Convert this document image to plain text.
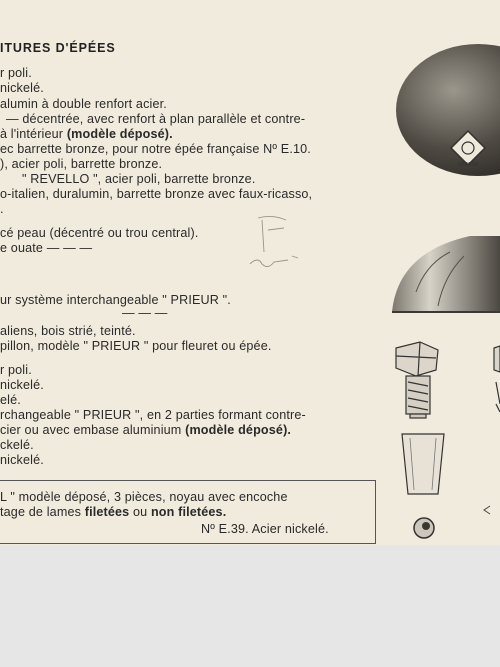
ITURES D'ÉPÉES
r poli.
nickelé.
alumin à double renfort acier.
— décentrée, avec renfort à plan parallèle et contre-
à l'intérieur (modèle déposé).
ec barrette bronze, pour notre épée française Nº E.10.
), acier poli, barrette bronze.
" REVELLO ", acier poli, barrette bronze.
o-italien, duralumin, barrette bronze avec faux-ricasso,
.
cé peau (décentré ou trou central).
e ouate — — —
ur système interchangeable " PRIEUR ".
— — —
aliens, bois strié, teinté.
pillon, modèle " PRIEUR " pour fleuret ou épée.
r poli.
nickelé.
elé.
rchangeable " PRIEUR ", en 2 parties formant contre-
cier ou avec embase aluminium (modèle déposé).
ckelé.
nickelé.
L " modèle déposé, 3 pièces, noyau avec encoche
tage de lames filetées ou non filetées.
Nº E.39. Acier nickelé.
DEPOSE
